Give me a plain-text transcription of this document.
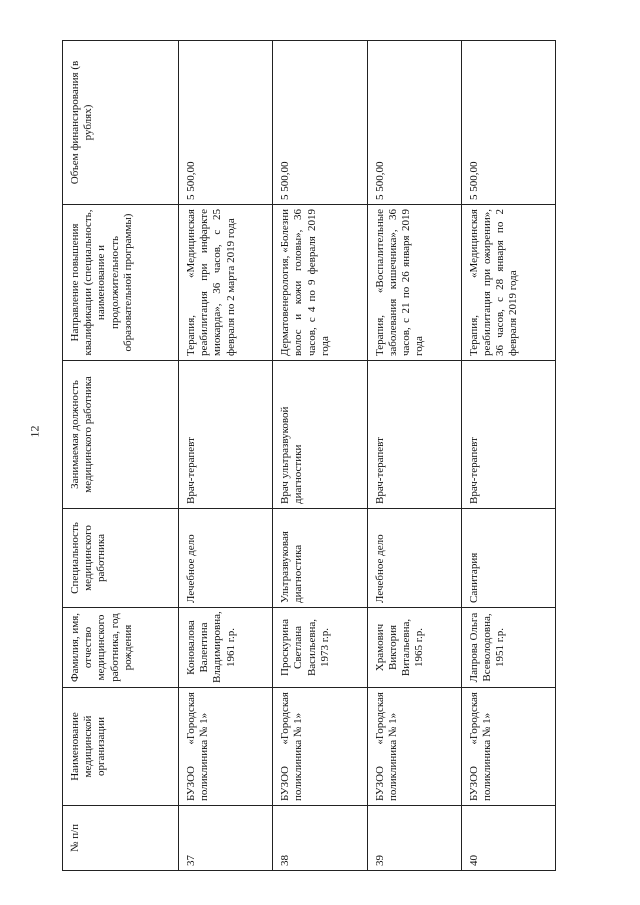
12
№ п/п	Наименование медицинской организации	Фамилия, имя, отчество медицинского работника, год рождения	Специальность медицинского работника	Занимаемая должность медицинского работника	Направление повышения квалификации (специальность, наименование и продолжительность образовательной программы)	Объем финансирования (в рублях)
37	БУЗОО «Городская поликлиника № 1»	Коновалова Валентина Владимировна, 1961 г.р.	Лечебное дело	Врач-терапевт	Терапия, «Медицинская реабилитация при инфаркте миокарда», 36 часов, с 25 февраля по 2 марта 2019 года	5 500,00
38	БУЗОО «Городская поликлиника № 1»	Проскурина Светлана Васильевна, 1973 г.р.	Ультразвуковая диагностика	Врач ультразвуковой диагностики	Дерматовенерология, «Болезни волос и кожи головы», 36 часов, с 4 по 9 февраля 2019 года	5 500,00
39	БУЗОО «Городская поликлиника № 1»	Храмович Виктория Витальевна, 1965 г.р.	Лечебное дело	Врач-терапевт	Терапия, «Воспалительные заболевания кишечника», 36 часов, с 21 по 26 января 2019 года	5 500,00
40	БУЗОО «Городская поликлиника № 1»	Лапрова Ольга Всеволодовна, 1951 г.р.	Санитария	Врач-терапевт	Терапия, «Медицинская реабилитация при ожирении», 36 часов, с 28 января по 2 февраля 2019 года	5 500,00
